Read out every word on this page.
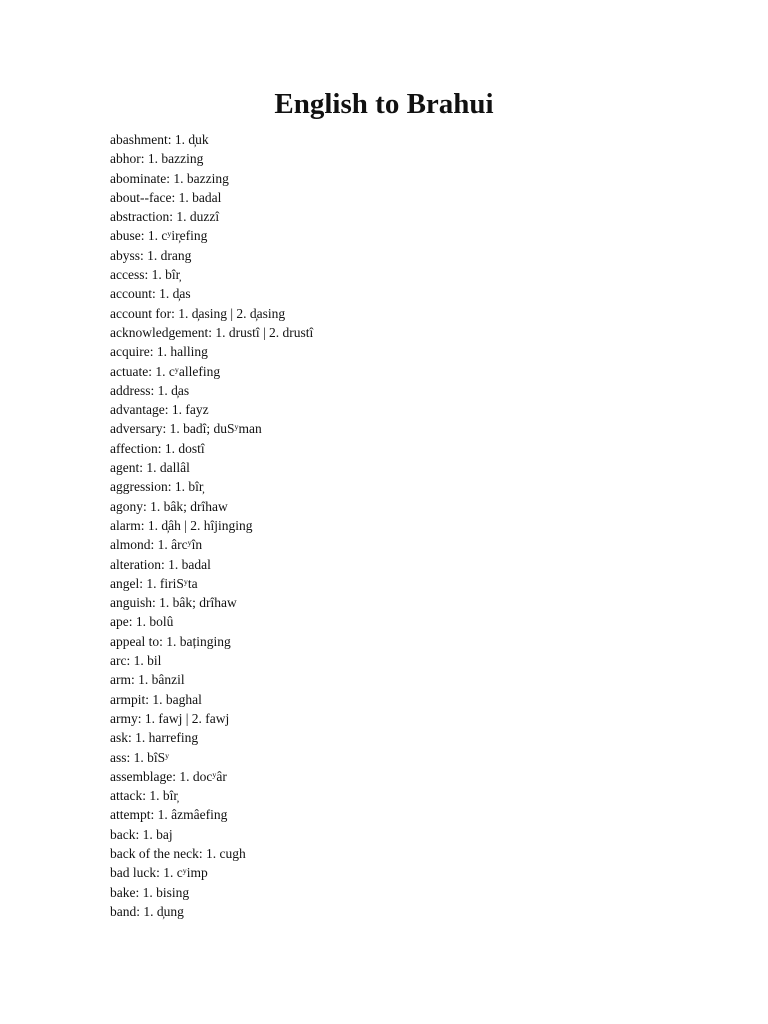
English to Brahui
abashment: 1. d̦uk
abhor: 1. bazzing
abominate: 1. bazzing
about--face: 1. badal
abstraction: 1. duzzî
abuse: 1. cʸir̦efing
abyss: 1. drang
access: 1. bîr̦
account: 1. d̦as
account for: 1. d̦asing | 2. d̦asing
acknowledgement: 1. drustî | 2. drustî
acquire: 1. halling
actuate: 1. cʸallefing
address: 1. d̦as
advantage: 1. fayz
adversary: 1. badî; duSʸman
affection: 1. dostî
agent: 1. dallâl
aggression: 1. bîr̦
agony: 1. bâk; drîhaw
alarm: 1. d̦âh | 2. hîjinging
almond: 1. ârcʸîn
alteration: 1. badal
angel: 1. firiSʸta
anguish: 1. bâk; drîhaw
ape: 1. bolû
appeal to: 1. baținging
arc: 1. bil
arm: 1. bânzil
armpit: 1. baghal
army: 1. fawj | 2. fawj
ask: 1. harrefing
ass: 1. bîSʸ
assemblage: 1. docʸâr
attack: 1. bîr̦
attempt: 1. âzmâefing
back: 1. baj
back of the neck: 1. cugh
bad luck: 1. cʸimp
bake: 1. bising
band: 1. d̦ung
